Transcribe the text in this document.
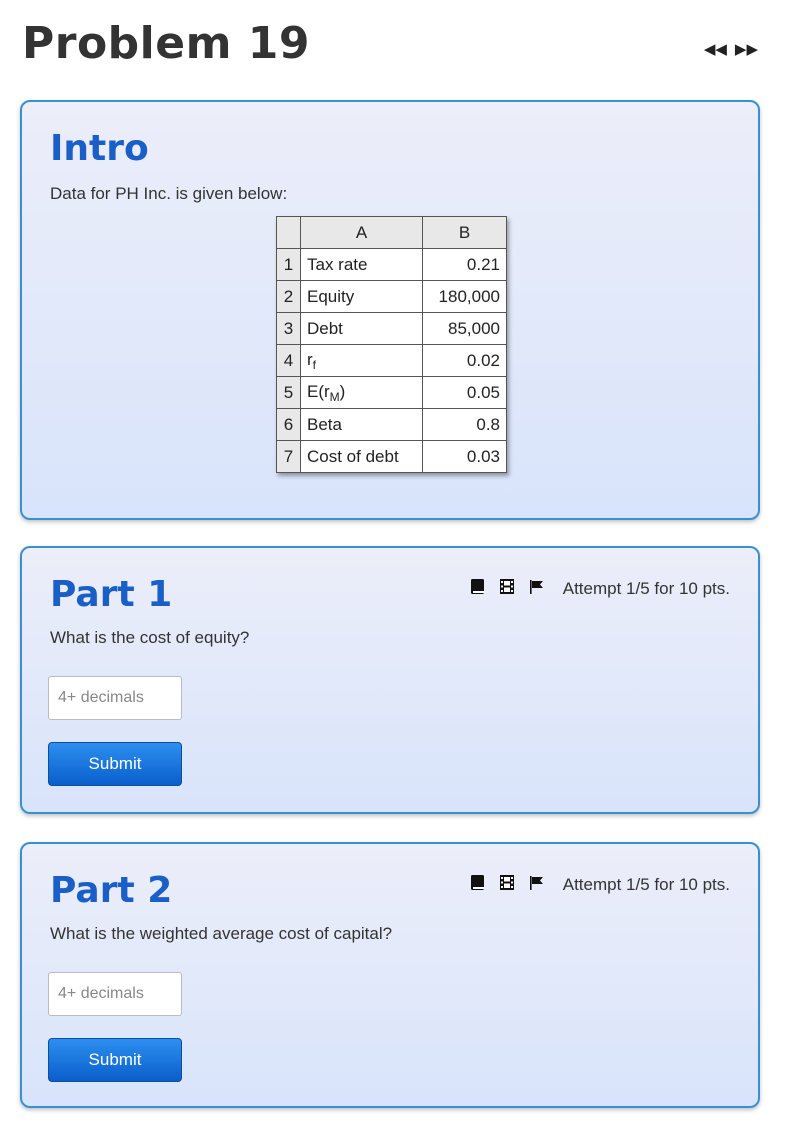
Problem 19	◀◀ ▶▶
Intro

Data for PH Inc. is given below:

	A	B
1	Tax rate	0.21
2	Equity	180,000
3	Debt	85,000
4	$r_f$	0.02
5	$E(r_M)$	0.05
6	Beta	0.8
7	Cost of debt	0.03
Part 1	Attempt 1/5 for 10 pts.

What is the cost of equity?

4+ decimals
Submit
Part 2	Attempt 1/5 for 10 pts.

What is the weighted average cost of capital?

4+ decimals
Submit
